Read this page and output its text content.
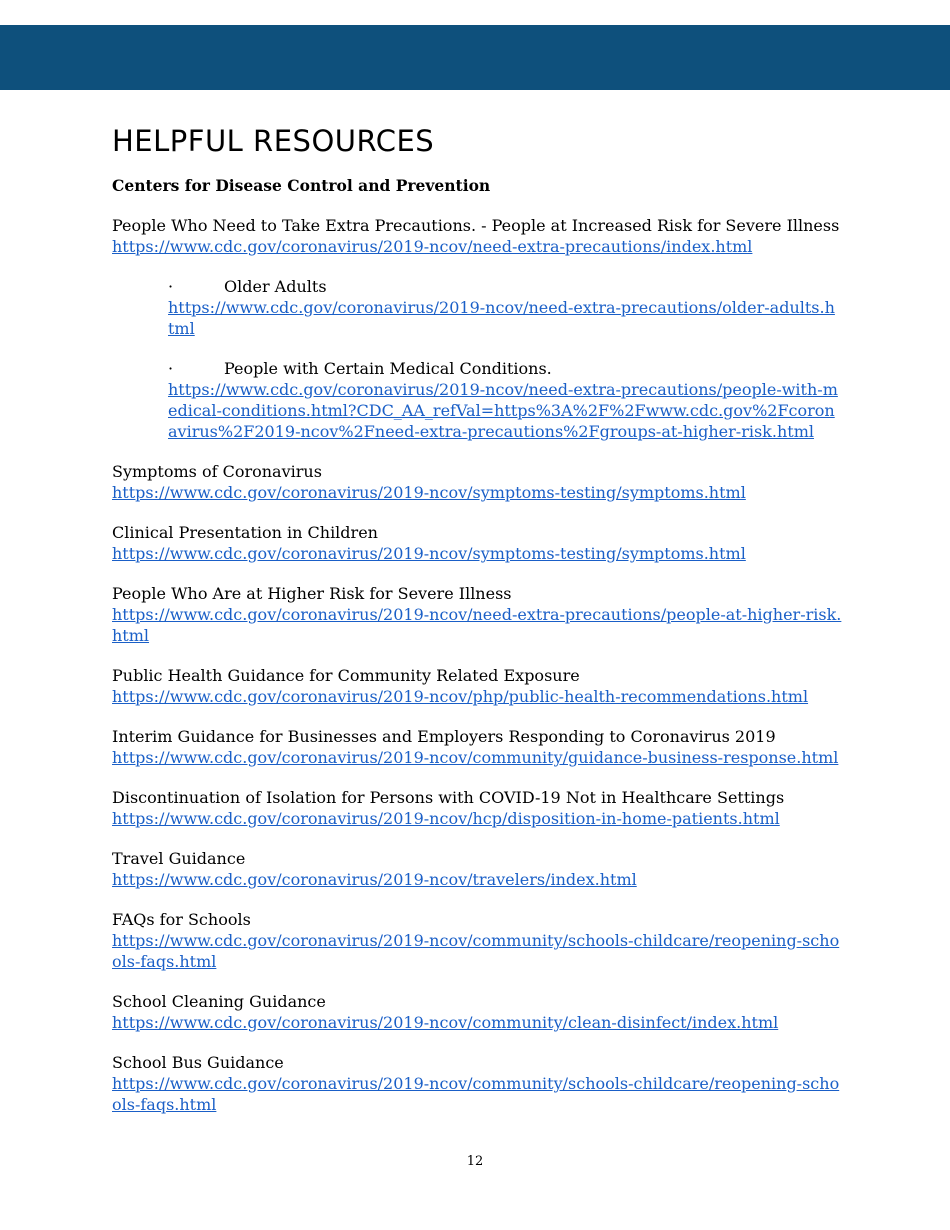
HELPFUL RESOURCES
Centers for Disease Control and Prevention
People Who Need to Take Extra Precautions. - People at Increased Risk for Severe Illness
https://www.cdc.gov/coronavirus/2019-ncov/need-extra-precautions/index.html
·	Older Adults
https://www.cdc.gov/coronavirus/2019-ncov/need-extra-precautions/older-adults.html
·	People with Certain Medical Conditions.
https://www.cdc.gov/coronavirus/2019-ncov/need-extra-precautions/people-with-medical-conditions.html?CDC_AA_refVal=https%3A%2F%2Fwww.cdc.gov%2Fcoronavirus%2F2019-ncov%2Fneed-extra-precautions%2Fgroups-at-higher-risk.html
Symptoms of Coronavirus
https://www.cdc.gov/coronavirus/2019-ncov/symptoms-testing/symptoms.html
Clinical Presentation in Children
https://www.cdc.gov/coronavirus/2019-ncov/symptoms-testing/symptoms.html
People Who Are at Higher Risk for Severe Illness
https://www.cdc.gov/coronavirus/2019-ncov/need-extra-precautions/people-at-higher-risk.html
Public Health Guidance for Community Related Exposure
https://www.cdc.gov/coronavirus/2019-ncov/php/public-health-recommendations.html
Interim Guidance for Businesses and Employers Responding to Coronavirus 2019
https://www.cdc.gov/coronavirus/2019-ncov/community/guidance-business-response.html
Discontinuation of Isolation for Persons with COVID-19 Not in Healthcare Settings
https://www.cdc.gov/coronavirus/2019-ncov/hcp/disposition-in-home-patients.html
Travel Guidance
https://www.cdc.gov/coronavirus/2019-ncov/travelers/index.html
FAQs for Schools
https://www.cdc.gov/coronavirus/2019-ncov/community/schools-childcare/reopening-schools-faqs.html
School Cleaning Guidance
https://www.cdc.gov/coronavirus/2019-ncov/community/clean-disinfect/index.html
School Bus Guidance
https://www.cdc.gov/coronavirus/2019-ncov/community/schools-childcare/reopening-schools-faqs.html
12
